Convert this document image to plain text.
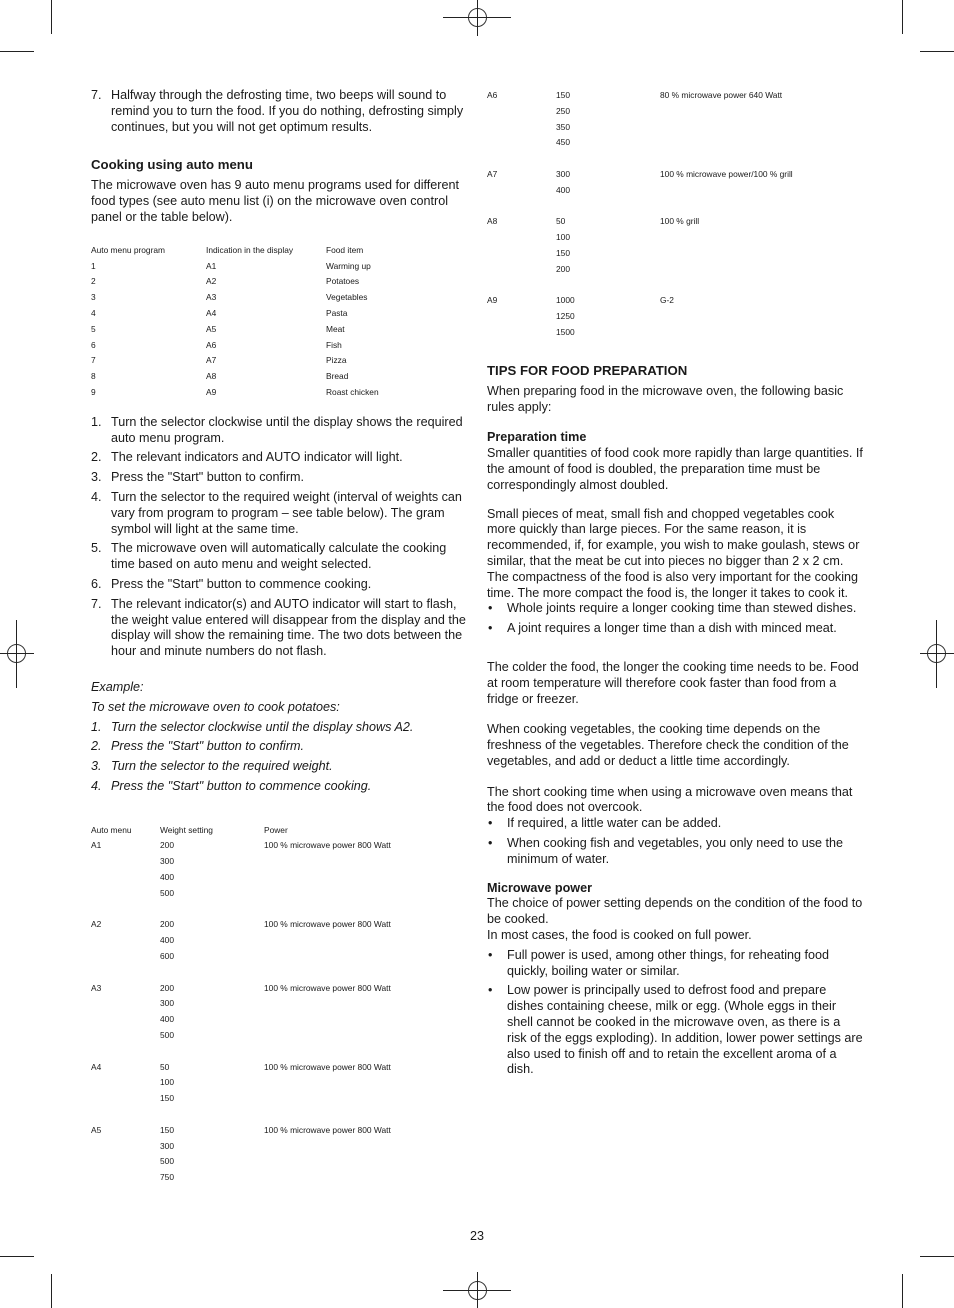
7. Halfway through the defrosting time, two beeps will sound to remind you to turn the food. If you do nothing, defrosting simply continues, but you will not get optimum results.
Cooking using auto menu

The microwave oven has 9 auto menu programs used for different food types (see auto menu list (i) on the microwave oven control panel or the table below).

Auto menu program	Indication in the display	Food item
1	A1	Warming up
2	A2	Potatoes
3	A3	Vegetables
4	A4	Pasta
5	A5	Meat
6	A6	Fish
7	A7	Pizza
8	A8	Bread
9	A9	Roast chicken
1. Turn the selector clockwise until the display shows the required auto menu program.
2. The relevant indicators and AUTO indicator will light.
3. Press the "Start" button to confirm.
4. Turn the selector to the required weight (interval of weights can vary from program to program – see table below). The gram symbol will light at the same time.
5. The microwave oven will automatically calculate the cooking time based on auto menu and weight selected.
6. Press the "Start" button to commence cooking.
7. The relevant indicator(s) and AUTO indicator will start to flash, the weight value entered will disappear from the display and the display will show the remaining time. The two dots between the hour and minute numbers do not flash.

Example:

To set the microwave oven to cook potatoes:

1. Turn the selector clockwise until the display shows A2.
2. Press the "Start" button to confirm.
3. Turn the selector to the required weight.
4. Press the "Start" button to commence cooking.
Auto menu	Weight setting	Power
A1	200	100 % microwave power 800 Watt
	300	
	400	
	500	

A2	200	100 % microwave power 800 Watt
	400	
	600	

A3	200	100 % microwave power 800 Watt
	300	
	400	
	500	

A4	50	100 % microwave power 800 Watt
	100	
	150	

A5	150	100 % microwave power 800 Watt
	300	
	500	
	750	
A6	150	80 % microwave power 640 Watt
	250	
	350	
	450	

A7	300	100 % microwave power/100 % grill
	400	

A8	50	100 % grill
	100	
	150	
	200	

A9	1000	G-2
	1250	
	1500	
TIPS FOR FOOD PREPARATION

When preparing food in the microwave oven, the following basic rules apply:

Preparation time

Smaller quantities of food cook more rapidly than large quantities. If the amount of food is doubled, the preparation time must be correspondingly almost doubled.

Small pieces of meat, small fish and chopped vegetables cook more quickly than large pieces. For the same reason, it is recommended, if, for example, you wish to make goulash, stews or similar, that the meat be cut into pieces no bigger than 2 x 2 cm.

The compactness of the food is also very important for the cooking time. The more compact the food is, the longer it takes to cook it.

• Whole joints require a longer cooking time than stewed dishes.
• A joint requires a longer time than a dish with minced meat.

The colder the food, the longer the cooking time needs to be. Food at room temperature will therefore cook faster than food from a fridge or freezer.

When cooking vegetables, the cooking time depends on the freshness of the vegetables. Therefore check the condition of the vegetables, and add or deduct a little time accordingly.

The short cooking time when using a microwave oven means that the food does not overcook.

• If required, a little water can be added.
• When cooking fish and vegetables, you only need to use the minimum of water.

Microwave power

The choice of power setting depends on the condition of the food to be cooked.

In most cases, the food is cooked on full power.

• Full power is used, among other things, for reheating food quickly, boiling water or similar.
• Low power is principally used to defrost food and prepare dishes containing cheese, milk or egg. (Whole eggs in their shell cannot be cooked in the microwave oven, as there is a risk of the eggs exploding). In addition, lower power settings are also used to finish off and to retain the excellent aroma of a dish.
23
